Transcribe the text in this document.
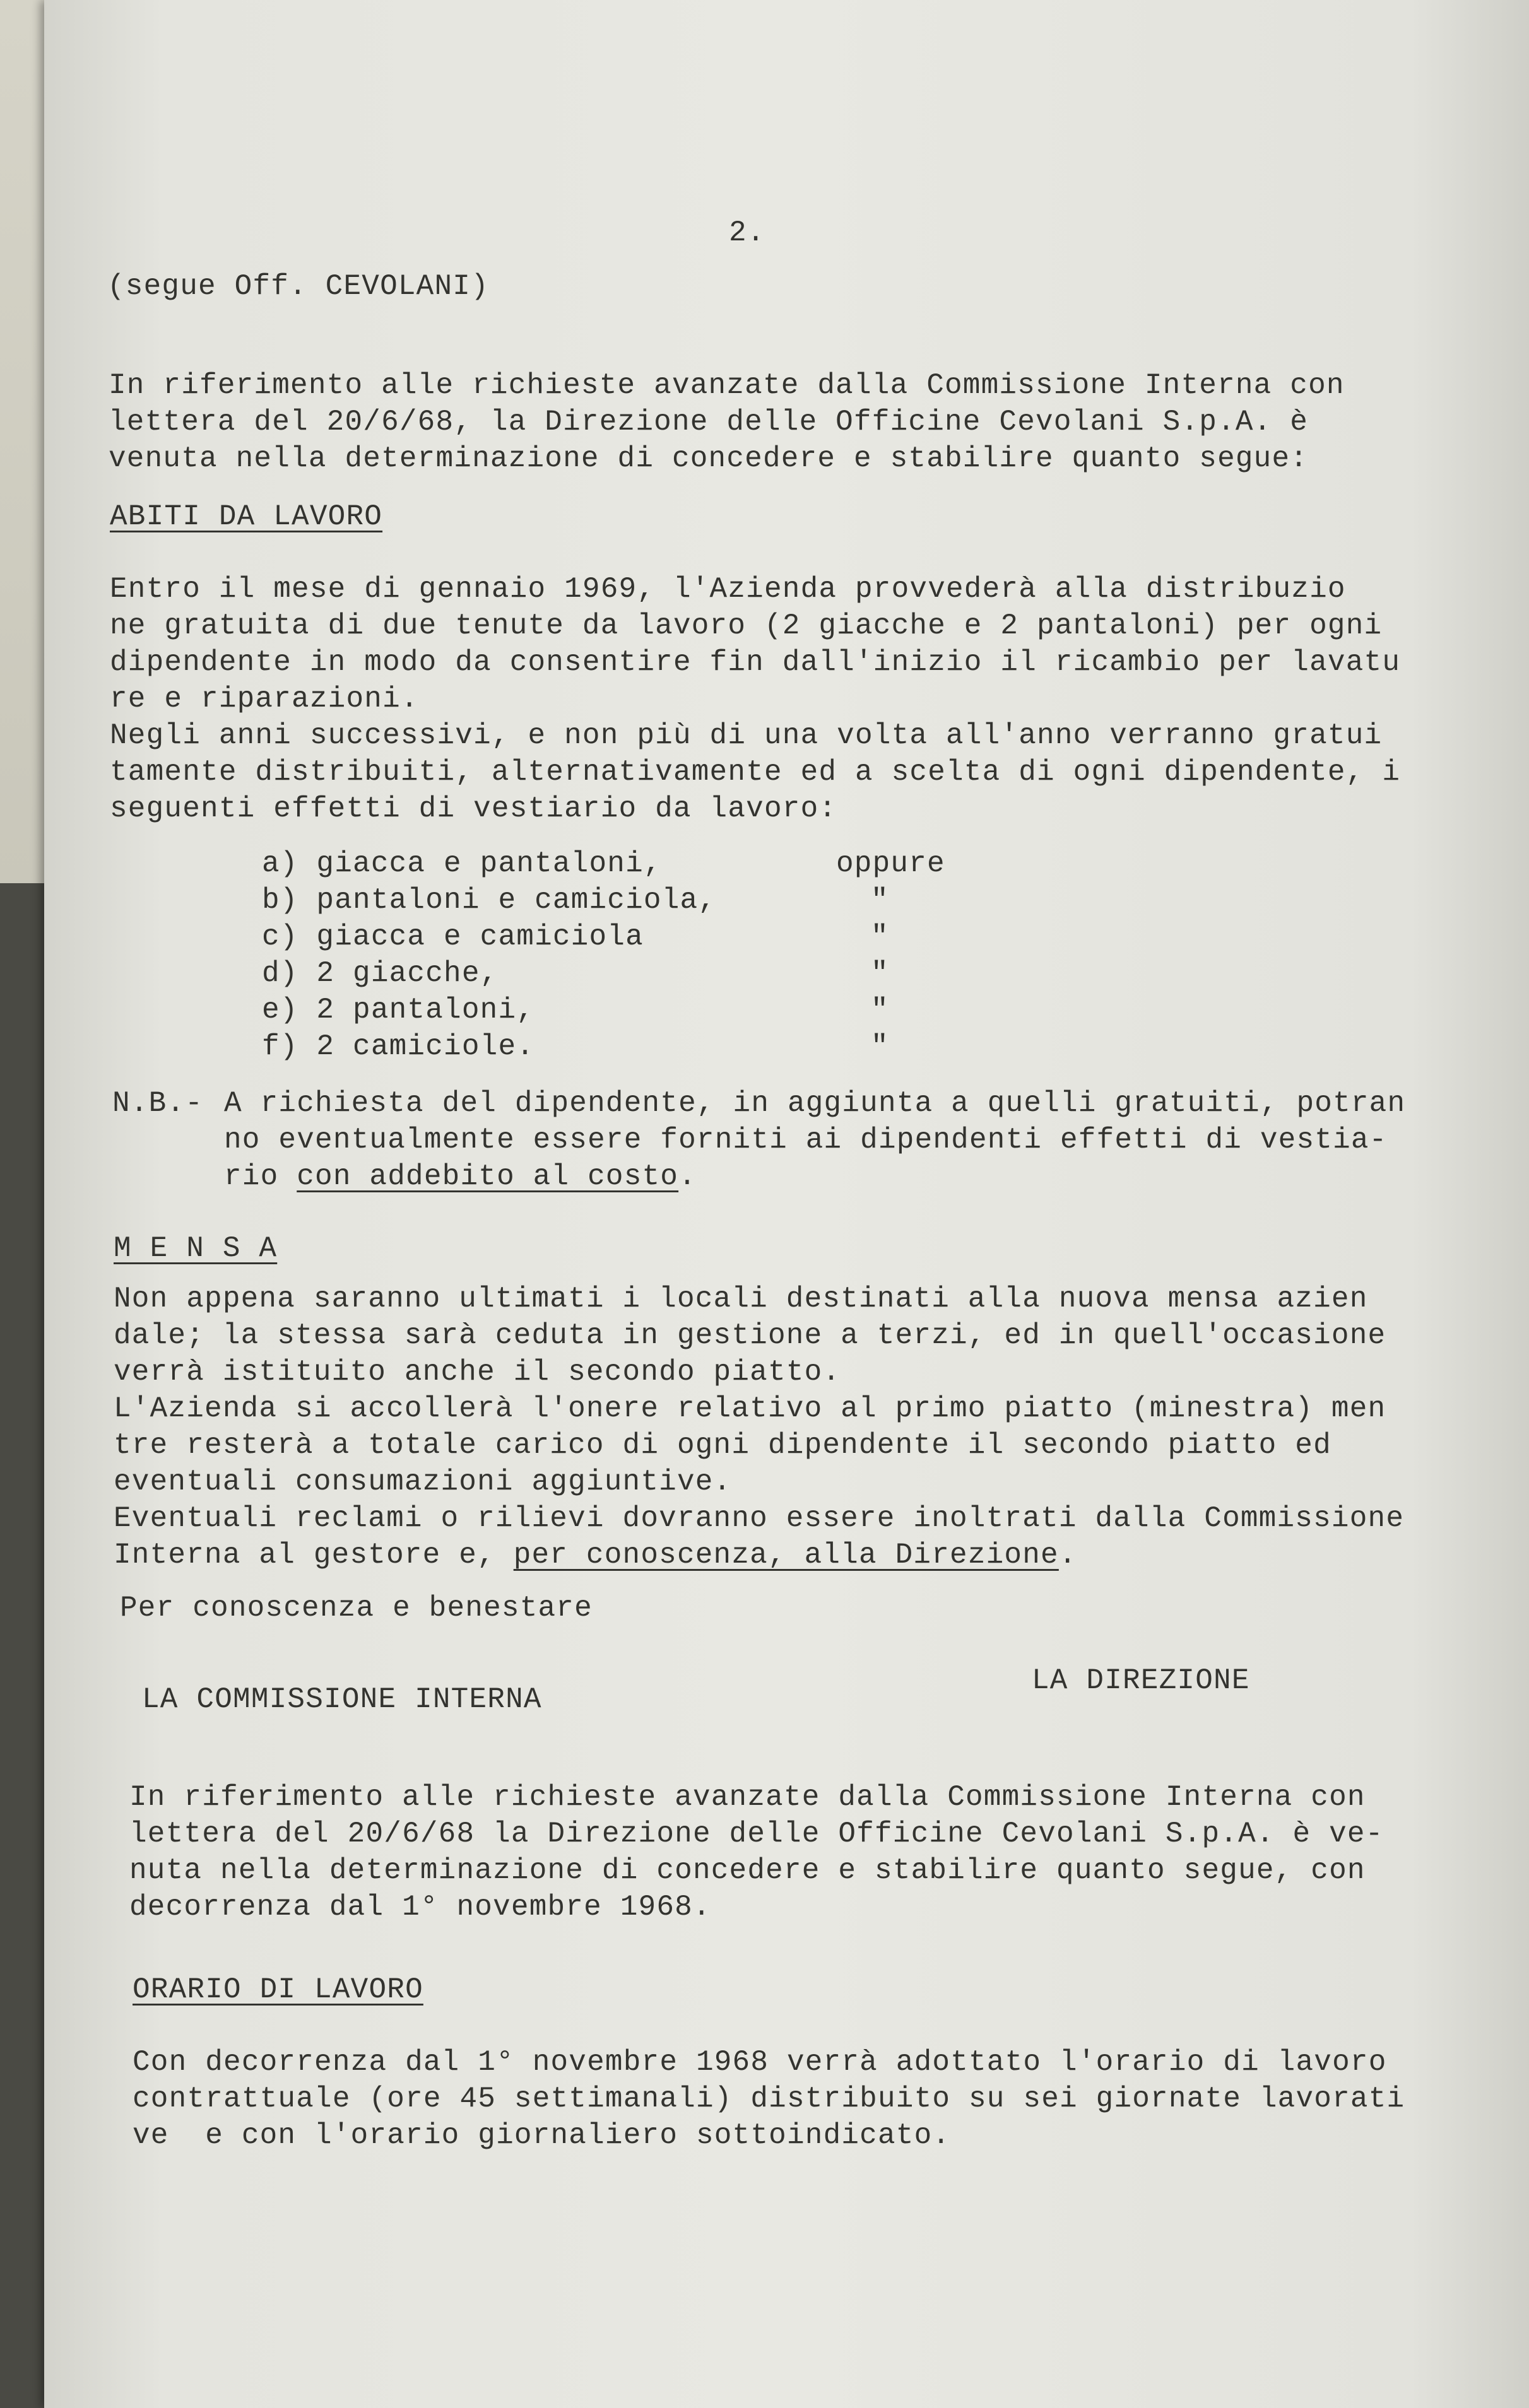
2.
(segue Off. CEVOLANI)
In riferimento alle richieste avanzate dalla Commissione Interna con
lettera del 20/6/68, la Direzione delle Officine Cevolani S.p.A. è
venuta nella determinazione di concedere e stabilire quanto segue:
ABITI DA LAVORO
Entro il mese di gennaio 1969, l'Azienda provvederà alla distribuzio
ne gratuita di due tenute da lavoro (2 giacche e 2 pantaloni) per ogni
dipendente in modo da consentire fin dall'inizio il ricambio per lavatu
re e riparazioni.
Negli anni successivi, e non più di una volta all'anno verranno gratui
tamente distribuiti, alternativamente ed a scelta di ogni dipendente, i
seguenti effetti di vestiario da lavoro:
a) giacca e pantaloni,	oppure
b) pantaloni e camiciola,	"
c) giacca e camiciola	"
d) 2 giacche,	"
e) 2 pantaloni,	"
f) 2 camiciole.	"
N.B.- A richiesta del dipendente, in aggiunta a quelli gratuiti, potran
no eventualmente essere forniti ai dipendenti effetti di vestia-
rio con addebito al costo.
M E N S A
Non appena saranno ultimati i locali destinati alla nuova mensa azien
dale; la stessa sarà ceduta in gestione a terzi, ed in quell'occasione
verrà istituito anche il secondo piatto.
L'Azienda si accollerà l'onere relativo al primo piatto (minestra) men
tre resterà a totale carico di ogni dipendente il secondo piatto ed
eventuali consumazioni aggiuntive.
Eventuali reclami o rilievi dovranno essere inoltrati dalla Commissione
Interna al gestore e, per conoscenza, alla Direzione.
Per conoscenza e benestare
LA COMMISSIONE INTERNA
LA DIREZIONE
In riferimento alle richieste avanzate dalla Commissione Interna con
lettera del 20/6/68 la Direzione delle Officine Cevolani S.p.A. è ve-
nuta nella determinazione di concedere e stabilire quanto segue, con
decorrenza dal 1° novembre 1968.
ORARIO DI LAVORO
Con decorrenza dal 1° novembre 1968 verrà adottato l'orario di lavoro
contrattuale (ore 45 settimanali) distribuito su sei giornate lavorati
ve  e con l'orario giornaliero sottoindicato.
